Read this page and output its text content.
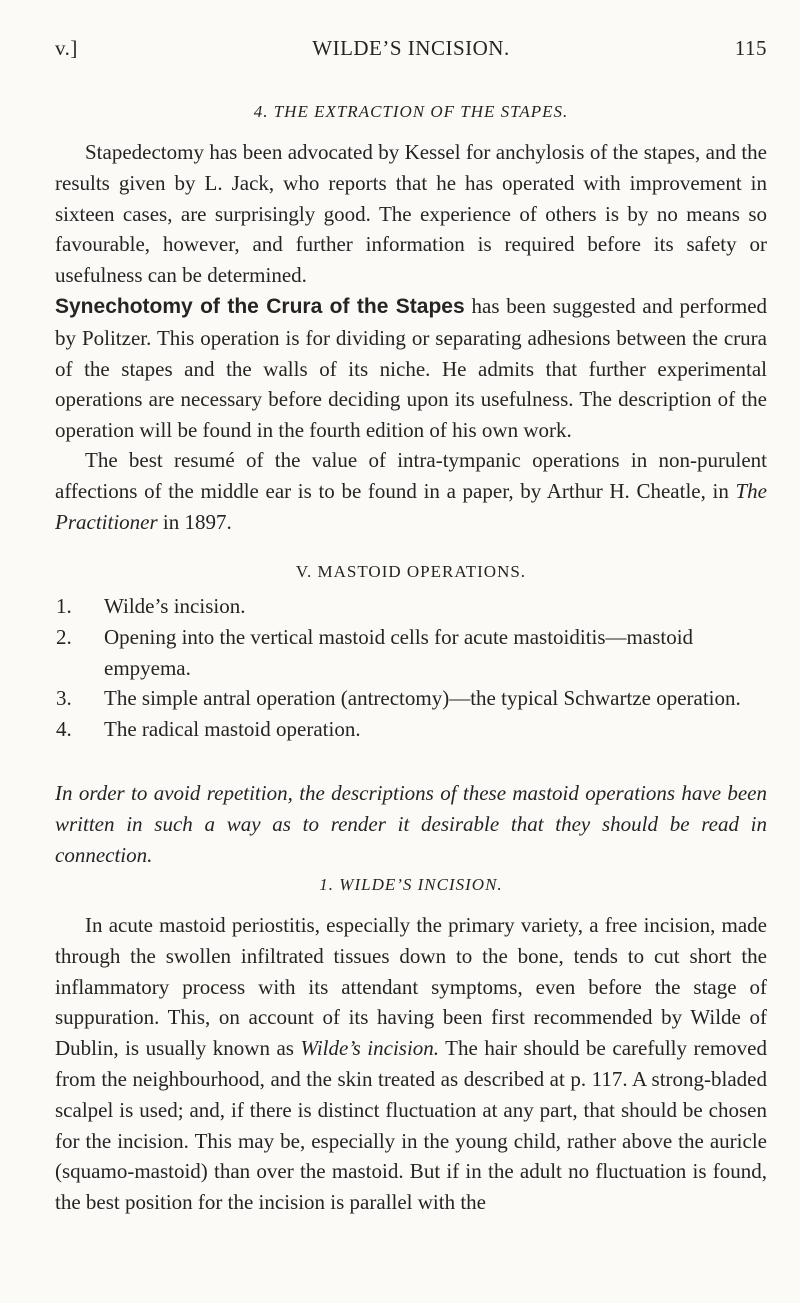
v.]	WILDE’S INCISION.	115
4. THE EXTRACTION OF THE STAPES.

Stapedectomy has been advocated by Kessel for anchylosis of the stapes, and the results given by L. Jack, who reports that he has operated with improvement in sixteen cases, are surprisingly good. The experience of others is by no means so favourable, however, and further information is required before its safety or usefulness can be determined.

Synechotomy of the Crura of the Stapes has been suggested and performed by Politzer. This operation is for dividing or separating adhesions between the crura of the stapes and the walls of its niche. He admits that further experimental operations are necessary before deciding upon its usefulness. The description of the operation will be found in the fourth edition of his own work.

The best resumé of the value of intra-tympanic operations in non-purulent affections of the middle ear is to be found in a paper, by Arthur H. Cheatle, in The Practitioner in 1897.

V. MASTOID OPERATIONS.
1. Wilde’s incision.
2. Opening into the vertical mastoid cells for acute mastoiditis—mastoid empyema.
3. The simple antral operation (antrectomy)—the typical Schwartze operation.
4. The radical mastoid operation.

In order to avoid repetition, the descriptions of these mastoid operations have been written in such a way as to render it desirable that they should be read in connection.

1. WILDE’S INCISION.

In acute mastoid periostitis, especially the primary variety, a free incision, made through the swollen infiltrated tissues down to the bone, tends to cut short the inflammatory process with its attendant symptoms, even before the stage of suppuration. This, on account of its having been first recommended by Wilde of Dublin, is usually known as Wilde’s incision. The hair should be carefully removed from the neighbourhood, and the skin treated as described at p. 117. A strong-bladed scalpel is used; and, if there is distinct fluctuation at any part, that should be chosen for the incision. This may be, especially in the young child, rather above the auricle (squamo-mastoid) than over the mastoid. But if in the adult no fluctuation is found, the best position for the incision is parallel with the
